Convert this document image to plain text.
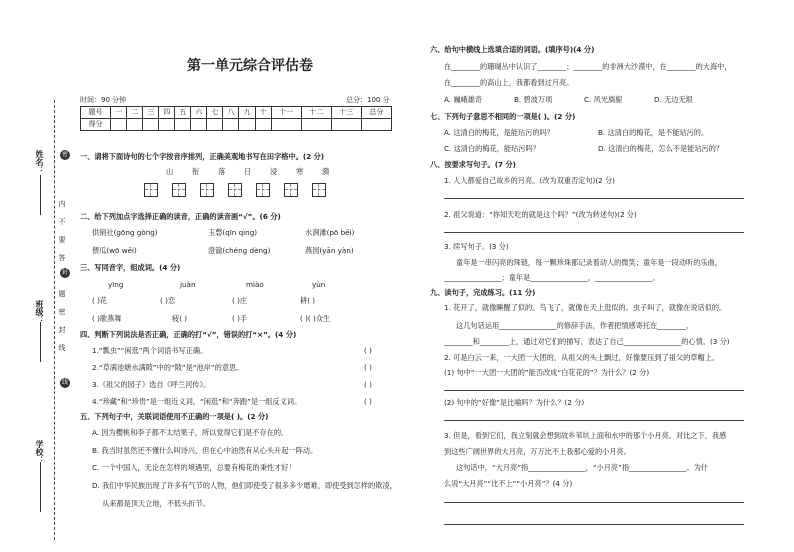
姓名：
班级：
学校：
密
内
不
要
答
封
题
密
封
线
线
第一单元综合评估卷
时间：90 分钟	总分：100 分
题号	一	二	三	四	五	六	七	八	九	十	十一	十二	十三	总分
得分														
一、请将下面诗句的七个字按音序排列，正确美观地书写在田字格中。(2 分)
山	衔	落	日	浸	寒	漪
二、给下列加点字选择正确的读音，正确的读音画“√”。(6 分)
供销社(gōng gòng)	玉磬(qīn qìng)	水涧滩(pō bēi)
偎瓜(wō wēi)	澄澈(chéng dèng)	燕园(yān yàn)
三、写同音字，组成词。(4 分)
yīng	juàn	miào	yùn
( )花	( )恋	( )庄	耕( )
( )歌燕舞	疲( )	( )手	( )( )众生
四、判断下列说法是否正确，正确的打“√”，错误的打“×”。(4 分)
1.“瓢虫”“闲逛”两个词语书写正确。	( )
2.“草满池塘水满陂”中的“陂”是“池岸”的意思。	( )
3.《祖父的园子》选自《呼兰河传》。	( )
4.“珍藏”和“珍贵”是一组近义词，“闲逛”和“奔跑”是一组反义词。	( )
五、下列句子中，关联词语使用不正确的一项是( )。(2 分)
A. 因为樱桃和李子都不太结果子，所以觉得它们是不存在的。
B. 我当时虽然还不懂什么叫诗兴，但在心中油然有从心头升起一阵动。
C. 一个中国人，无论在怎样的境遇里，总要有梅花的秉性才好！
D. 我们中华民族出现了许多有气节的人物，他们即使受了很多多少磨难，即使受到怎样的欺凌，
从来都是顶天立地，不低头折节。
六、给句中横线上选填合适的词语。(填序号)(4 分)
在________的珊瑚丛中认识了________；________的非洲大沙漠中，在________的大海中，
在________的高山上，我都看到过月亮。
A. 巍峨雄奇	B. 碧波万顷	C. 风光旖旎	D. 无边无垠
七、下列句子意思不相同的一项是( )。(2 分)
A. 这清白的梅花，是能玷污的吗？	B. 这清白的梅花，是不能玷污的。
C. 这清白的梅花，能玷污吗？	D. 这清白的梅花，怎么不是能玷污的？
八、按要求写句子。(7 分)
1. 人人都爱自己故乡的月亮。(改为双重否定句)(2 分)
2. 祖父说道：“你知天吃的就是这个吗？”(改为转述句)(2 分)
3. 续写句子。(3 分)
童年是一串闪亮的珠链，每一颗珍珠都记录着动人的微笑；童年是一段动听的乐曲，
________________；童年是________________，________________。
九、读句子，完成练习。(11 分)
1. 花开了，就像睡醒了似的。鸟飞了，就像在天上逛似的。虫子叫了，就像在说话似的。
这几句话运用________________的修辞手法，作者把情感寄托在________、
________和________上，通过对它们的描写，表达了自己________________的心情。(3 分)
2. 可是白云一来，一大团一大团的，从祖父的头上飘过，好像要压到了祖父的草帽上。
(1) 句中“一大团一大团的”能否改成“白花花的”？为什么？(2 分)
(2) 句中的“好像”是比喻吗？为什么？(2 分)
3. 但是，看到它们，我立刻就会想到故乡苇坑上面和水中的那个小月亮。对比之下，我感
到这些广阔世界的大月亮，万万比不上我那心爱的小月亮。
这句话中，“大月亮”指________________，“小月亮”指________________。为什
么说“大月亮”“比不上”“小月亮”？(4 分)
